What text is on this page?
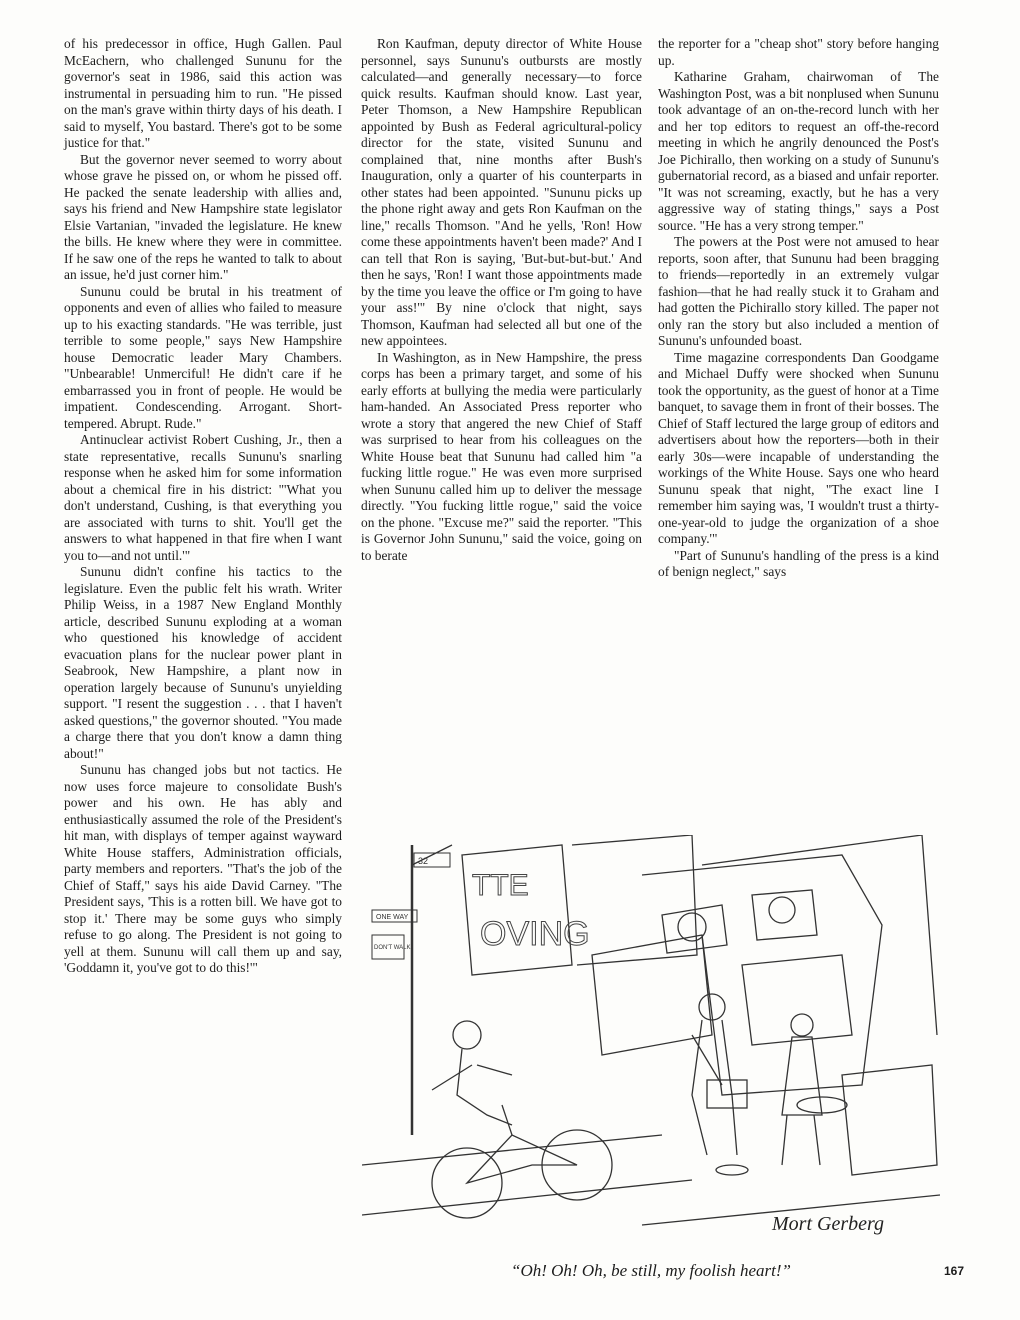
of his predecessor in office, Hugh Gallen. Paul McEachern, who challenged Sununu for the governor's seat in 1986, said this action was instrumental in persuading him to run. "He pissed on the man's grave within thirty days of his death. I said to myself, You bastard. There's got to be some justice for that."

But the governor never seemed to worry about whose grave he pissed on, or whom he pissed off. He packed the senate leadership with allies and, says his friend and New Hampshire state legislator Elsie Vartanian, "invaded the legislature. He knew the bills. He knew where they were in committee. If he saw one of the reps he wanted to talk to about an issue, he'd just corner him."

Sununu could be brutal in his treatment of opponents and even of allies who failed to measure up to his exacting standards. "He was terrible, just terrible to some people," says New Hampshire house Democratic leader Mary Chambers. "Unbearable! Unmerciful! He didn't care if he embarrassed you in front of people. He would be impatient. Condescending. Arrogant. Short-tempered. Abrupt. Rude."

Antinuclear activist Robert Cushing, Jr., then a state representative, recalls Sununu's snarling response when he asked him for some information about a chemical fire in his district: "'What you don't understand, Cushing, is that everything you are associated with turns to shit. You'll get the answers to what happened in that fire when I want you to—and not until.'"

Sununu didn't confine his tactics to the legislature. Even the public felt his wrath. Writer Philip Weiss, in a 1987 New England Monthly article, described Sununu exploding at a woman who questioned his knowledge of accident evacuation plans for the nuclear power plant in Seabrook, New Hampshire, a plant now in operation largely because of Sununu's unyielding support. "I resent the suggestion . . . that I haven't asked questions," the governor shouted. "You made a charge there that you don't know a damn thing about!"

Sununu has changed jobs but not tactics. He now uses force majeure to consolidate Bush's power and his own. He has ably and enthusiastically assumed the role of the President's hit man, with displays of temper against wayward White House staffers, Administration officials, party members and reporters. "That's the job of the Chief of Staff," says his aide David Carney. "The President says, 'This is a rotten bill. We have got to stop it.' There may be some guys who simply refuse to go along. The President is not going to yell at them. Sununu will call them up and say, 'Goddamn it, you've got to do this!'"

Ron Kaufman, deputy director of White House personnel, says Sununu's outbursts are mostly calculated—and generally necessary—to force quick results. Kaufman should know. Last year, Peter Thomson, a New Hampshire Republican appointed by Bush as Federal agricultural-policy director for the state, visited Sununu and complained that, nine months after Bush's Inauguration, only a quarter of his counterparts in other states had been appointed. "Sununu picks up the phone right away and gets Ron Kaufman on the line," recalls Thomson. "And he yells, 'Ron! How come these appointments haven't been made?' And I can tell that Ron is saying, 'But-but-but-but.' And then he says, 'Ron! I want those appointments made by the time you leave the office or I'm going to have your ass!'" By nine o'clock that night, says Thomson, Kaufman had selected all but one of the new appointees.

In Washington, as in New Hampshire, the press corps has been a primary target, and some of his early efforts at bullying the media were particularly ham-handed. An Associated Press reporter who wrote a story that angered the new Chief of Staff was surprised to hear from his colleagues on the White House beat that Sununu had called him "a fucking little rogue." He was even more surprised when Sununu called him up to deliver the message directly. "You fucking little rogue," said the voice on the phone. "Excuse me?" said the reporter. "This is Governor John Sununu," said the voice, going on to berate

the reporter for a "cheap shot" story before hanging up.

Katharine Graham, chairwoman of The Washington Post, was a bit nonplused when Sununu took advantage of an on-the-record lunch with her and her top editors to request an off-the-record meeting in which he angrily denounced the Post's Joe Pichirallo, then working on a study of Sununu's gubernatorial record, as a biased and unfair reporter. "It was not screaming, exactly, but he has a very aggressive way of stating things," says a Post source. "He has a very strong temper."

The powers at the Post were not amused to hear reports, soon after, that Sununu had been bragging to friends—reportedly in an extremely vulgar fashion—that he had really stuck it to Graham and had gotten the Pichirallo story killed. The paper not only ran the story but also included a mention of Sununu's unfounded boast.

Time magazine correspondents Dan Goodgame and Michael Duffy were shocked when Sununu took the opportunity, as the guest of honor at a Time banquet, to savage them in front of their bosses. The Chief of Staff lectured the large group of editors and advertisers about how the reporters—both in their early 30s—were incapable of understanding the workings of the White House. Says one who heard Sununu speak that night, "The exact line I remember him saying was, 'I wouldn't trust a thirty-one-year-old to judge the organization of a shoe company.'"

"Part of Sununu's handling of the press is a kind of benign neglect," says

32
ONE WAY
DON'T WALK
TTE
OVING
Mort Gerberg
“Oh! Oh! Oh, be still, my foolish heart!”	167
